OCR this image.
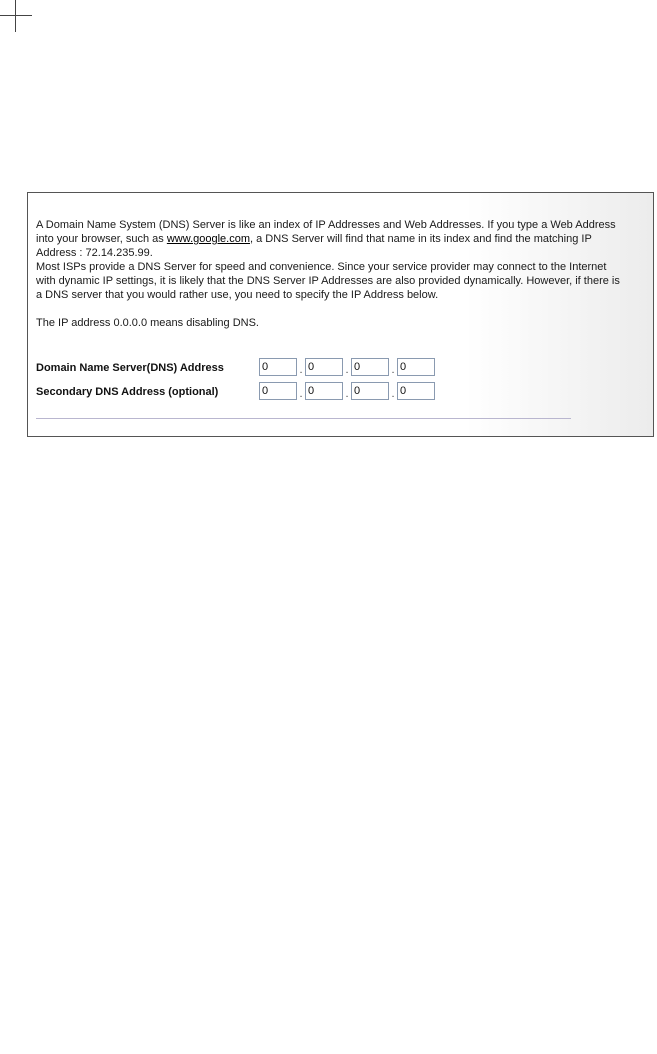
A Domain Name System (DNS) Server is like an index of IP Addresses and Web Addresses. If you type a Web Address into your browser, such as www.google.com, a DNS Server will find that name in its index and find the matching IP Address : 72.14.235.99.

Most ISPs provide a DNS Server for speed and convenience. Since your service provider may connect to the Internet with dynamic IP settings, it is likely that the DNS Server IP Addresses are also provided dynamically. However, if there is a DNS server that you would rather use, you need to specify the IP Address below.

The IP address 0.0.0.0 means disabling DNS.

Domain Name Server(DNS) Address
0	.
0	.
0	.
0
Secondary DNS Address (optional)
0	.
0	.
0	.
0
